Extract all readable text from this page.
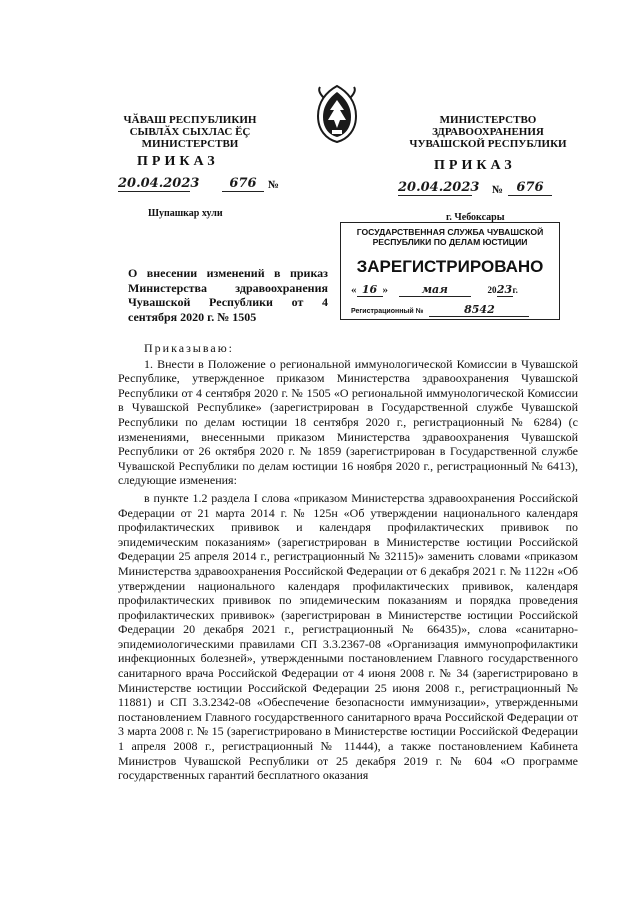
ЧӐВАШ РЕСПУБЛИКИН
СЫВЛӐХ СЫХЛАС ӖҪ
МИНИСТЕРСТВИ
ПРИКАЗ
20.04.2023	676	№
Шупашкар хули
МИНИСТЕРСТВО
ЗДРАВООХРАНЕНИЯ
ЧУВАШСКОЙ РЕСПУБЛИКИ
ПРИКАЗ
20.04.2023 №	676
г. Чебоксары
ГОСУДАРСТВЕННАЯ СЛУЖБА ЧУВАШСКОЙ
РЕСПУБЛИКИ ПО ДЕЛАМ ЮСТИЦИИ
ЗАРЕГИСТРИРОВАНО
« 16 »	мая	2023г.
Регистрационный №	8542
О внесении изменений в приказ Министерства здравоохранения Чувашской Республики от 4 сентября 2020 г. № 1505

Приказываю:

1. Внести в Положение о региональной иммунологической Комиссии в Чувашской Республике, утвержденное приказом Министерства здравоохранения Чувашской Республики от 4 сентября 2020 г. № 1505 «О региональной иммунологической Комиссии в Чувашской Республике» (зарегистрирован в Государственной службе Чувашской Республики по делам юстиции 18 сентября 2020 г., регистрационный № 6284) (с изменениями, внесенными приказом Министерства здравоохранения Чувашской Республики от 26 октября 2020 г. № 1859 (зарегистрирован в Государственной службе Чувашской Республики по делам юстиции 16 ноября 2020 г., регистрационный № 6413), следующие изменения:

в пункте 1.2 раздела I слова «приказом Министерства здравоохранения Российской Федерации от 21 марта 2014 г. № 125н «Об утверждении национального календаря профилактических прививок и календаря профилактических прививок по эпидемическим показаниям» (зарегистрирован в Министерстве юстиции Российской Федерации 25 апреля 2014 г., регистрационный № 32115)» заменить словами «приказом Министерства здравоохранения Российской Федерации от 6 декабря 2021 г. № 1122н «Об утверждении национального календаря профилактических прививок, календаря профилактических прививок по эпидемическим показаниям и порядка проведения профилактических прививок» (зарегистрирован в Министерстве юстиции Российской Федерации 20 декабря 2021 г., регистрационный № 66435)», слова «санитарно-эпидемиологическими правилами СП 3.3.2367-08 «Организация иммунопрофилактики инфекционных болезней», утвержденными постановлением Главного государственного санитарного врача Российской Федерации от 4 июня 2008 г. № 34 (зарегистрировано в Министерстве юстиции Российской Федерации 25 июня 2008 г., регистрационный № 11881) и СП 3.3.2342-08 «Обеспечение безопасности иммунизации», утвержденными постановлением Главного государственного санитарного врача Российской Федерации от 3 марта 2008 г. № 15 (зарегистрировано в Министерстве юстиции Российской Федерации 1 апреля 2008 г., регистрационный № 11444), а также постановлением Кабинета Министров Чувашской Республики от 25 декабря 2019 г. № 604 «О программе государственных гарантий бесплатного оказания
